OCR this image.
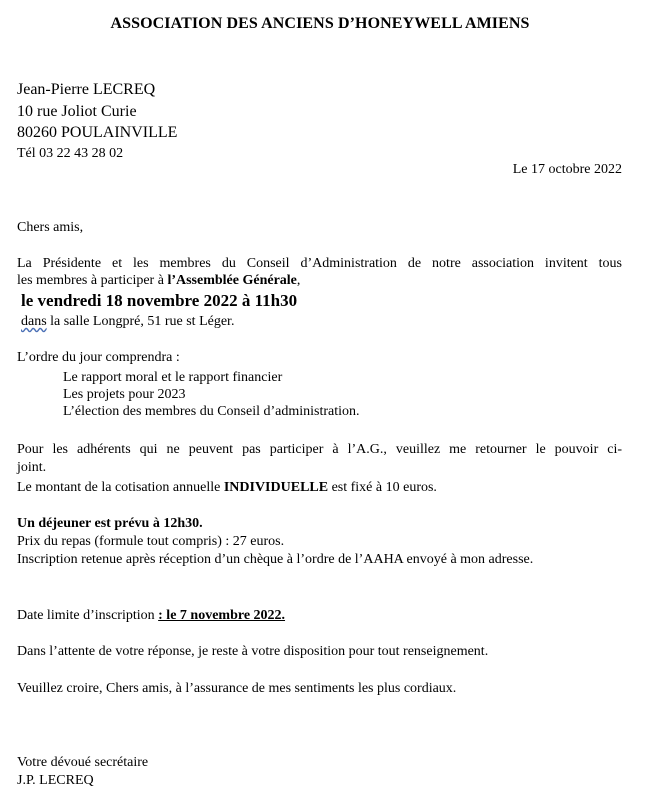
ASSOCIATION DES ANCIENS D’HONEYWELL AMIENS
Jean-Pierre LECREQ
10 rue Joliot Curie
80260 POULAINVILLE
Tél 03 22 43 28 02
Le 17 octobre 2022
Chers amis,
La Présidente et les membres du Conseil d’Administration de notre association invitent tous
les membres à participer à l’Assemblée Générale,
le vendredi 18 novembre 2022 à 11h30
dans la salle Longpré, 51 rue st Léger.
L’ordre du jour comprendra :
Le rapport moral et le rapport financier
Les projets pour 2023
L’élection des membres du Conseil d’administration.
Pour les adhérents qui ne peuvent pas participer à l’A.G., veuillez me retourner le pouvoir ci-
joint.
Le montant de la cotisation annuelle INDIVIDUELLE est fixé à 10 euros.
Un déjeuner est prévu à 12h30.
Prix du repas (formule tout compris) : 27 euros.
Inscription retenue après réception d’un chèque à l’ordre de l’AAHA envoyé à mon adresse.
Date limite d’inscription : le 7 novembre 2022.
Dans l’attente de votre réponse, je reste à votre disposition pour tout renseignement.
Veuillez croire, Chers amis, à l’assurance de mes sentiments les plus cordiaux.
Votre dévoué secrétaire
J.P. LECREQ
